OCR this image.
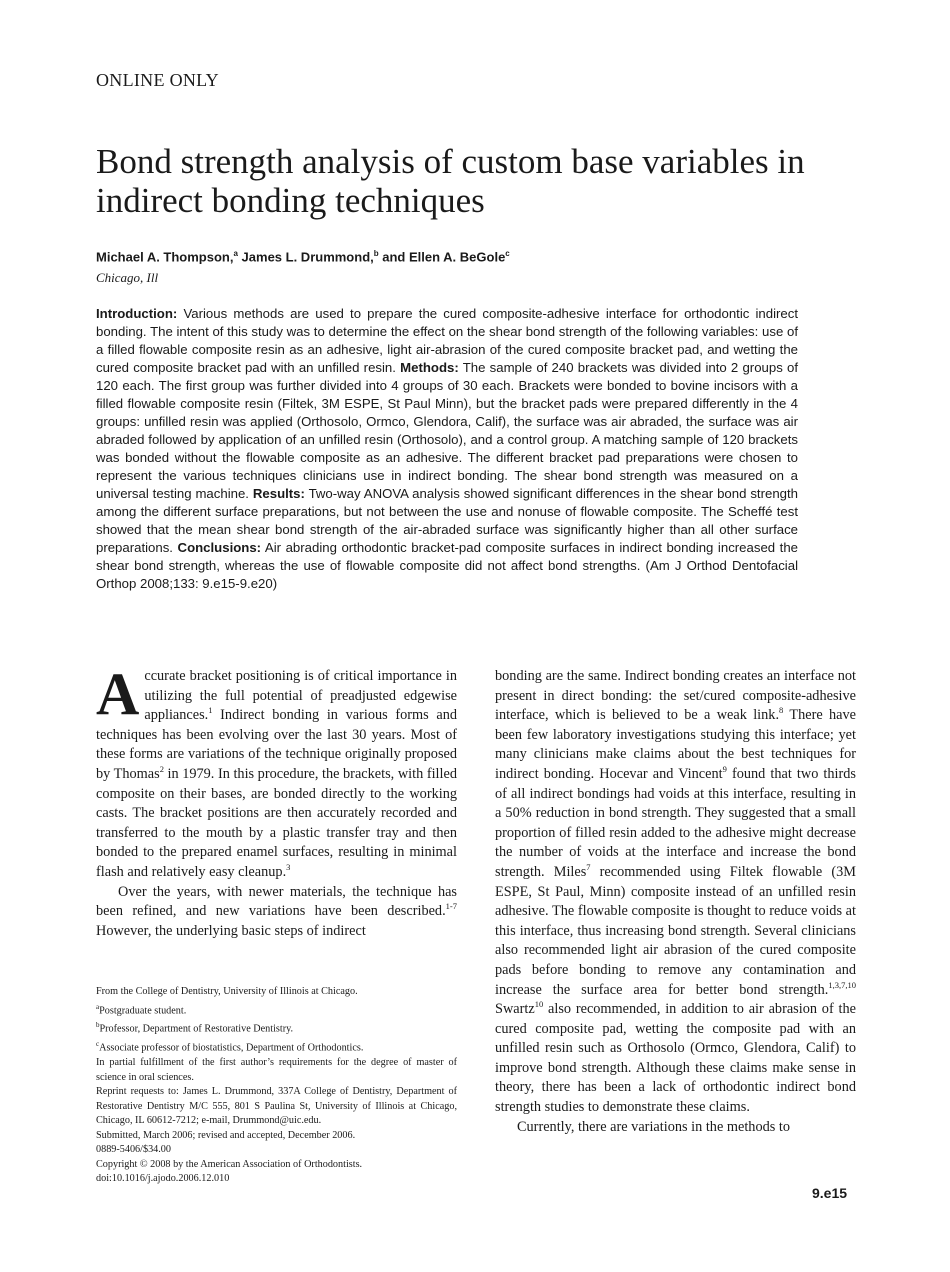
ONLINE ONLY
Bond strength analysis of custom base variables in indirect bonding techniques
Michael A. Thompson,$^a$ James L. Drummond,$^b$ and Ellen A. BeGole$^c$
Chicago, Ill

Introduction: Various methods are used to prepare the cured composite-adhesive interface for orthodontic indirect bonding. The intent of this study was to determine the effect on the shear bond strength of the following variables: use of a filled flowable composite resin as an adhesive, light air-abrasion of the cured composite bracket pad, and wetting the cured composite bracket pad with an unfilled resin. Methods: The sample of 240 brackets was divided into 2 groups of 120 each. The first group was further divided into 4 groups of 30 each. Brackets were bonded to bovine incisors with a filled flowable composite resin (Filtek, 3M ESPE, St Paul Minn), but the bracket pads were prepared differently in the 4 groups: unfilled resin was applied (Orthosolo, Ormco, Glendora, Calif), the surface was air abraded, the surface was air abraded followed by application of an unfilled resin (Orthosolo), and a control group. A matching sample of 120 brackets was bonded without the flowable composite as an adhesive. The different bracket pad preparations were chosen to represent the various techniques clinicians use in indirect bonding. The shear bond strength was measured on a universal testing machine. Results: Two-way ANOVA analysis showed significant differences in the shear bond strength among the different surface preparations, but not between the use and nonuse of flowable composite. The Scheffé test showed that the mean shear bond strength of the air-abraded surface was significantly higher than all other surface preparations. Conclusions: Air abrading orthodontic bracket-pad composite surfaces in indirect bonding increased the shear bond strength, whereas the use of flowable composite did not affect bond strengths. (Am J Orthod Dentofacial Orthop 2008;133: 9.e15-9.e20)

Accurate bracket positioning is of critical importance in utilizing the full potential of preadjusted edgewise appliances.$^1$ Indirect bonding in various forms and techniques has been evolving over the last 30 years. Most of these forms are variations of the technique originally proposed by Thomas$^2$ in 1979. In this procedure, the brackets, with filled composite on their bases, are bonded directly to the working casts. The bracket positions are then accurately recorded and transferred to the mouth by a plastic transfer tray and then bonded to the prepared enamel surfaces, resulting in minimal flash and relatively easy cleanup.$^3$

Over the years, with newer materials, the technique has been refined, and new variations have been described.$^{1-7}$ However, the underlying basic steps of indirect

From the College of Dentistry, University of Illinois at Chicago.
$^a$Postgraduate student.
$^b$Professor, Department of Restorative Dentistry.
$^c$Associate professor of biostatistics, Department of Orthodontics.
In partial fulfillment of the first author’s requirements for the degree of master of science in oral sciences.
Reprint requests to: James L. Drummond, 337A College of Dentistry, Department of Restorative Dentistry M/C 555, 801 S Paulina St, University of Illinois at Chicago, Chicago, IL 60612-7212; e-mail, Drummond@uic.edu.
Submitted, March 2006; revised and accepted, December 2006.
0889-5406/$34.00
Copyright © 2008 by the American Association of Orthodontists.
doi:10.1016/j.ajodo.2006.12.010

bonding are the same. Indirect bonding creates an interface not present in direct bonding: the set/cured composite-adhesive interface, which is believed to be a weak link.$^8$ There have been few laboratory investigations studying this interface; yet many clinicians make claims about the best techniques for indirect bonding. Hocevar and Vincent$^9$ found that two thirds of all indirect bondings had voids at this interface, resulting in a 50% reduction in bond strength. They suggested that a small proportion of filled resin added to the adhesive might decrease the number of voids at the interface and increase the bond strength. Miles$^7$ recommended using Filtek flowable (3M ESPE, St Paul, Minn) composite instead of an unfilled resin adhesive. The flowable composite is thought to reduce voids at this interface, thus increasing bond strength. Several clinicians also recommended light air abrasion of the cured composite pads before bonding to remove any contamination and increase the surface area for better bond strength.$^{1,3,7,10}$ Swartz$^{10}$ also recommended, in addition to air abrasion of the cured composite pad, wetting the composite pad with an unfilled resin such as Orthosolo (Ormco, Glendora, Calif) to improve bond strength. Although these claims make sense in theory, there has been a lack of orthodontic indirect bond strength studies to demonstrate these claims.

Currently, there are variations in the methods to

9.e15
